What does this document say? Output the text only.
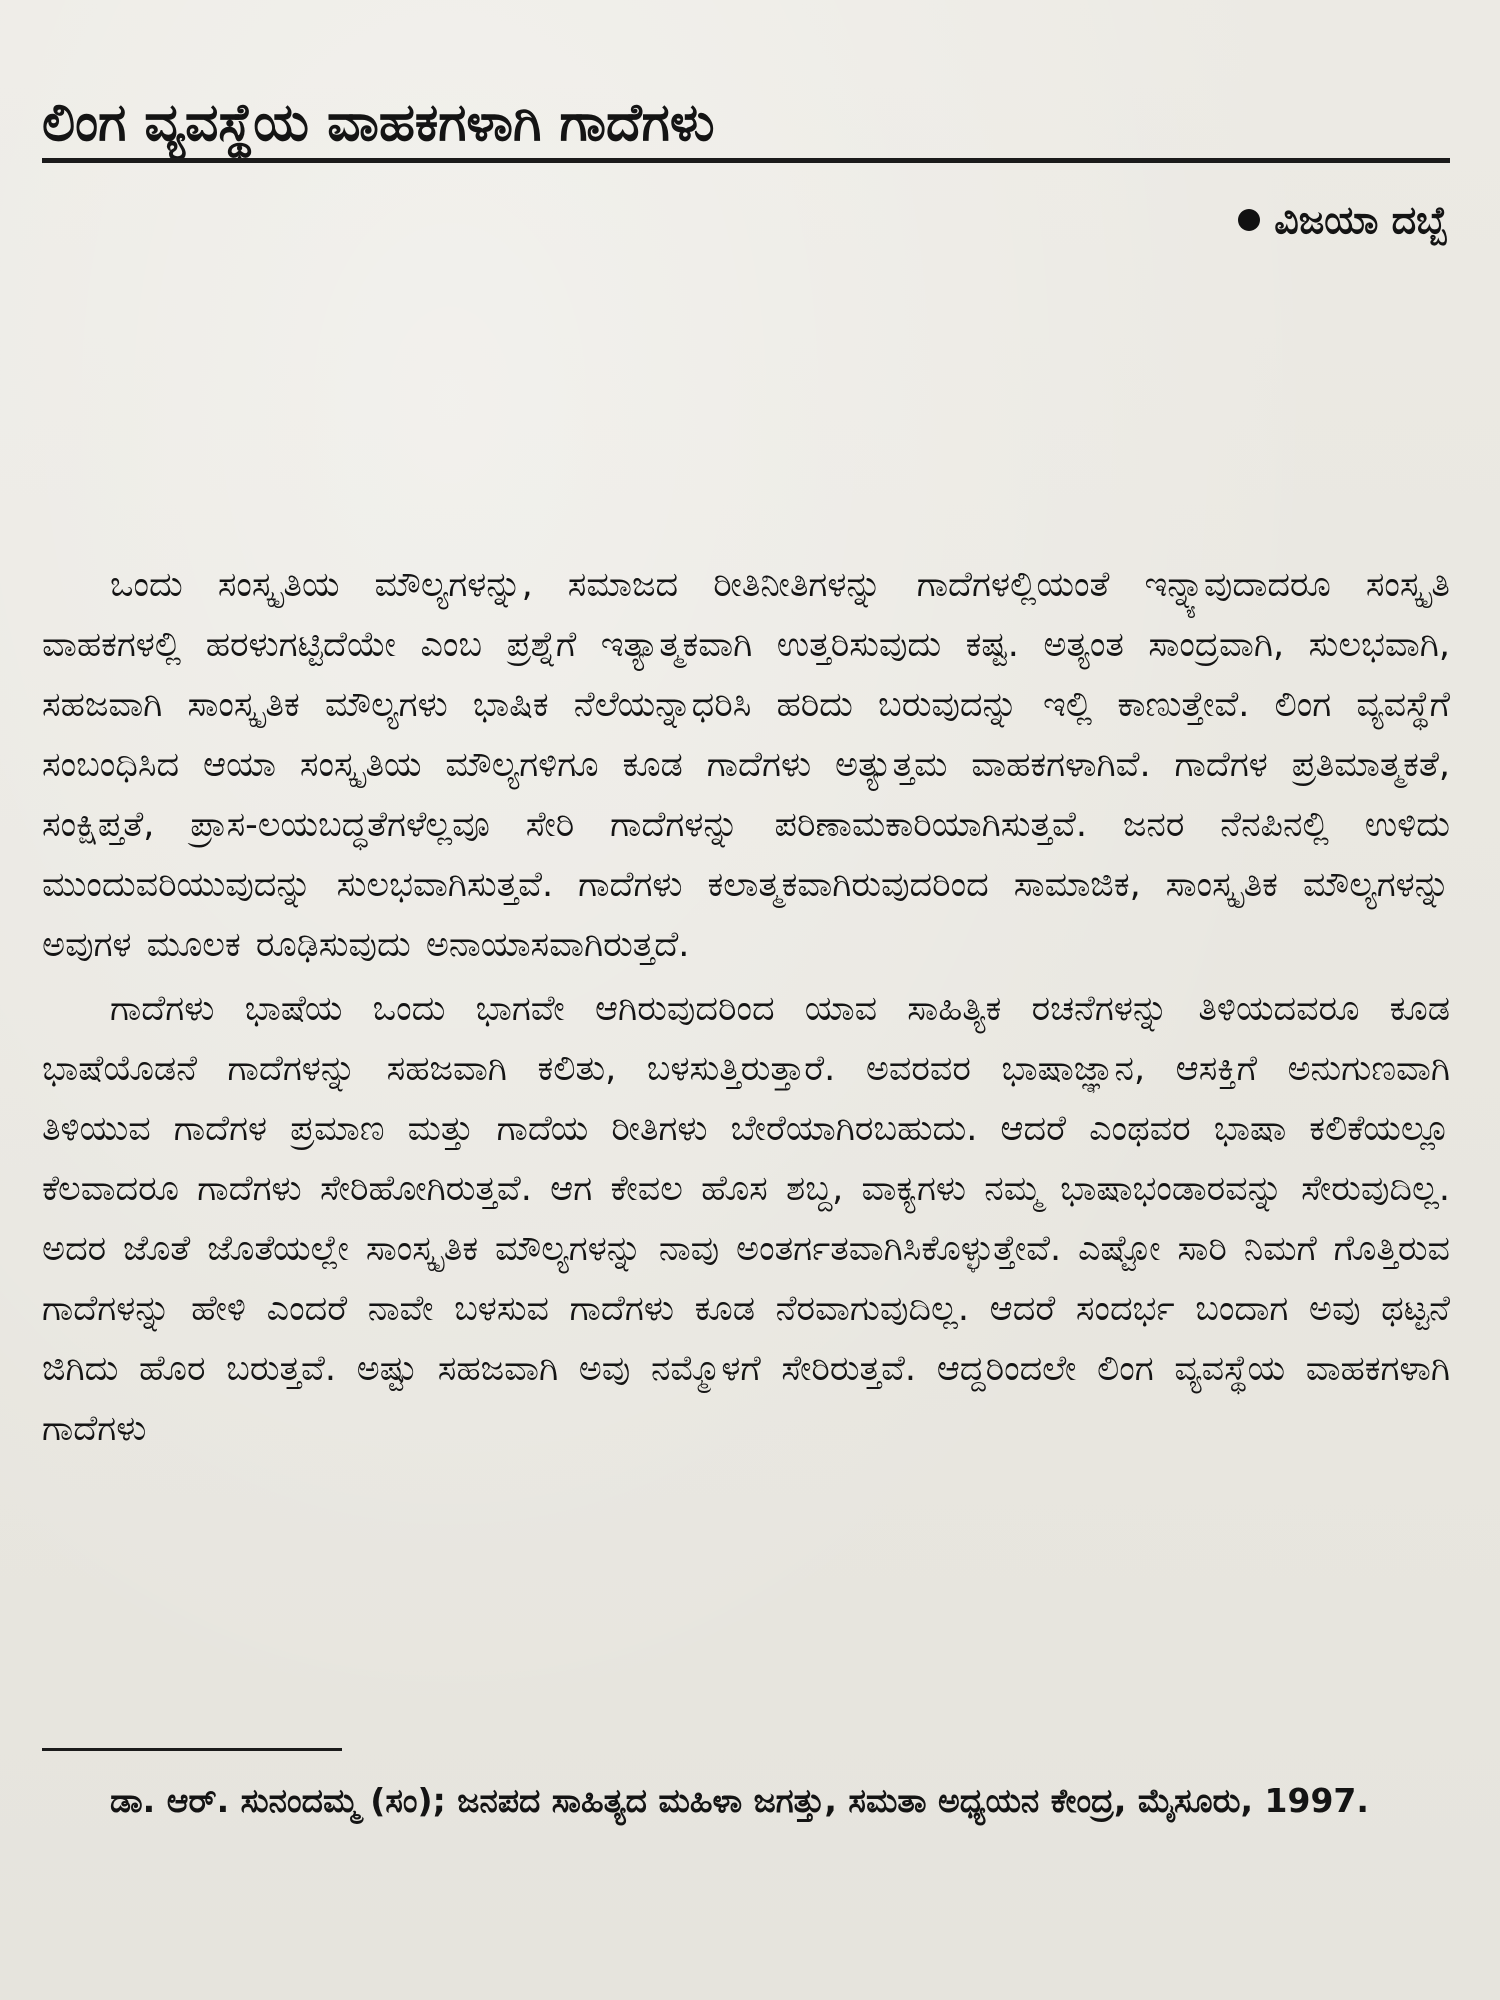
ಲಿಂಗ ವ್ಯವಸ್ಥೆಯ ವಾಹಕಗಳಾಗಿ ಗಾದೆಗಳು
ವಿಜಯಾ ದಬ್ಬೆ

ಒಂದು ಸಂಸ್ಕೃತಿಯ ಮೌಲ್ಯಗಳನ್ನು, ಸಮಾಜದ ರೀತಿನೀತಿಗಳನ್ನು ಗಾದೆಗಳಲ್ಲಿಯಂತೆ ಇನ್ನ್ಯಾವುದಾದರೂ ಸಂಸ್ಕೃತಿ ವಾಹಕಗಳಲ್ಲಿ ಹರಳುಗಟ್ಟಿದೆಯೇ ಎಂಬ ಪ್ರಶ್ನೆಗೆ ಇತ್ಯಾತ್ಮಕವಾಗಿ ಉತ್ತರಿಸುವುದು ಕಷ್ಟ. ಅತ್ಯಂತ ಸಾಂದ್ರವಾಗಿ, ಸುಲಭವಾಗಿ, ಸಹಜವಾಗಿ ಸಾಂಸ್ಕೃತಿಕ ಮೌಲ್ಯಗಳು ಭಾಷಿಕ ನೆಲೆಯನ್ನಾಧರಿಸಿ ಹರಿದು ಬರುವುದನ್ನು ಇಲ್ಲಿ ಕಾಣುತ್ತೇವೆ. ಲಿಂಗ ವ್ಯವಸ್ಥೆಗೆ ಸಂಬಂಧಿಸಿದ ಆಯಾ ಸಂಸ್ಕೃತಿಯ ಮೌಲ್ಯಗಳಿಗೂ ಕೂಡ ಗಾದೆಗಳು ಅತ್ಯುತ್ತಮ ವಾಹಕಗಳಾಗಿವೆ. ಗಾದೆಗಳ ಪ್ರತಿಮಾತ್ಮಕತೆ, ಸಂಕ್ಷಿಪ್ತತೆ, ಪ್ರಾಸ-ಲಯಬದ್ಧತೆಗಳೆಲ್ಲವೂ ಸೇರಿ ಗಾದೆಗಳನ್ನು ಪರಿಣಾಮಕಾರಿಯಾಗಿಸುತ್ತವೆ. ಜನರ ನೆನಪಿನಲ್ಲಿ ಉಳಿದು ಮುಂದುವರಿಯುವುದನ್ನು ಸುಲಭವಾಗಿಸುತ್ತವೆ. ಗಾದೆಗಳು ಕಲಾತ್ಮಕವಾಗಿರುವುದರಿಂದ ಸಾಮಾಜಿಕ, ಸಾಂಸ್ಕೃತಿಕ ಮೌಲ್ಯಗಳನ್ನು ಅವುಗಳ ಮೂಲಕ ರೂಢಿಸುವುದು ಅನಾಯಾಸವಾಗಿರುತ್ತದೆ.

ಗಾದೆಗಳು ಭಾಷೆಯ ಒಂದು ಭಾಗವೇ ಆಗಿರುವುದರಿಂದ ಯಾವ ಸಾಹಿತ್ಯಿಕ ರಚನೆಗಳನ್ನು ತಿಳಿಯದವರೂ ಕೂಡ ಭಾಷೆಯೊಡನೆ ಗಾದೆಗಳನ್ನು ಸಹಜವಾಗಿ ಕಲಿತು, ಬಳಸುತ್ತಿರುತ್ತಾರೆ. ಅವರವರ ಭಾಷಾಜ್ಞಾನ, ಆಸಕ್ತಿಗೆ ಅನುಗುಣವಾಗಿ ತಿಳಿಯುವ ಗಾದೆಗಳ ಪ್ರಮಾಣ ಮತ್ತು ಗಾದೆಯ ರೀತಿಗಳು ಬೇರೆಯಾಗಿರಬಹುದು. ಆದರೆ ಎಂಥವರ ಭಾಷಾ ಕಲಿಕೆಯಲ್ಲೂ ಕೆಲವಾದರೂ ಗಾದೆಗಳು ಸೇರಿಹೋಗಿರುತ್ತವೆ. ಆಗ ಕೇವಲ ಹೊಸ ಶಬ್ದ, ವಾಕ್ಯಗಳು ನಮ್ಮ ಭಾಷಾಭಂಡಾರವನ್ನು ಸೇರುವುದಿಲ್ಲ. ಅದರ ಜೊತೆ ಜೊತೆಯಲ್ಲೇ ಸಾಂಸ್ಕೃತಿಕ ಮೌಲ್ಯಗಳನ್ನು ನಾವು ಅಂತರ್ಗತವಾಗಿಸಿಕೊಳ್ಳುತ್ತೇವೆ. ಎಷ್ಟೋ ಸಾರಿ ನಿಮಗೆ ಗೊತ್ತಿರುವ ಗಾದೆಗಳನ್ನು ಹೇಳಿ ಎಂದರೆ ನಾವೇ ಬಳಸುವ ಗಾದೆಗಳು ಕೂಡ ನೆರವಾಗುವುದಿಲ್ಲ. ಆದರೆ ಸಂದರ್ಭ ಬಂದಾಗ ಅವು ಥಟ್ಟನೆ ಜಿಗಿದು ಹೊರ ಬರುತ್ತವೆ. ಅಷ್ಟು ಸಹಜವಾಗಿ ಅವು ನಮ್ಮೊಳಗೆ ಸೇರಿರುತ್ತವೆ. ಆದ್ದರಿಂದಲೇ ಲಿಂಗ ವ್ಯವಸ್ಥೆಯ ವಾಹಕಗಳಾಗಿ ಗಾದೆಗಳು

ಡಾ. ಆರ್. ಸುನಂದಮ್ಮ (ಸಂ); ಜನಪದ ಸಾಹಿತ್ಯದ ಮಹಿಳಾ ಜಗತ್ತು, ಸಮತಾ ಅಧ್ಯಯನ ಕೇಂದ್ರ, ಮೈಸೂರು, 1997.
